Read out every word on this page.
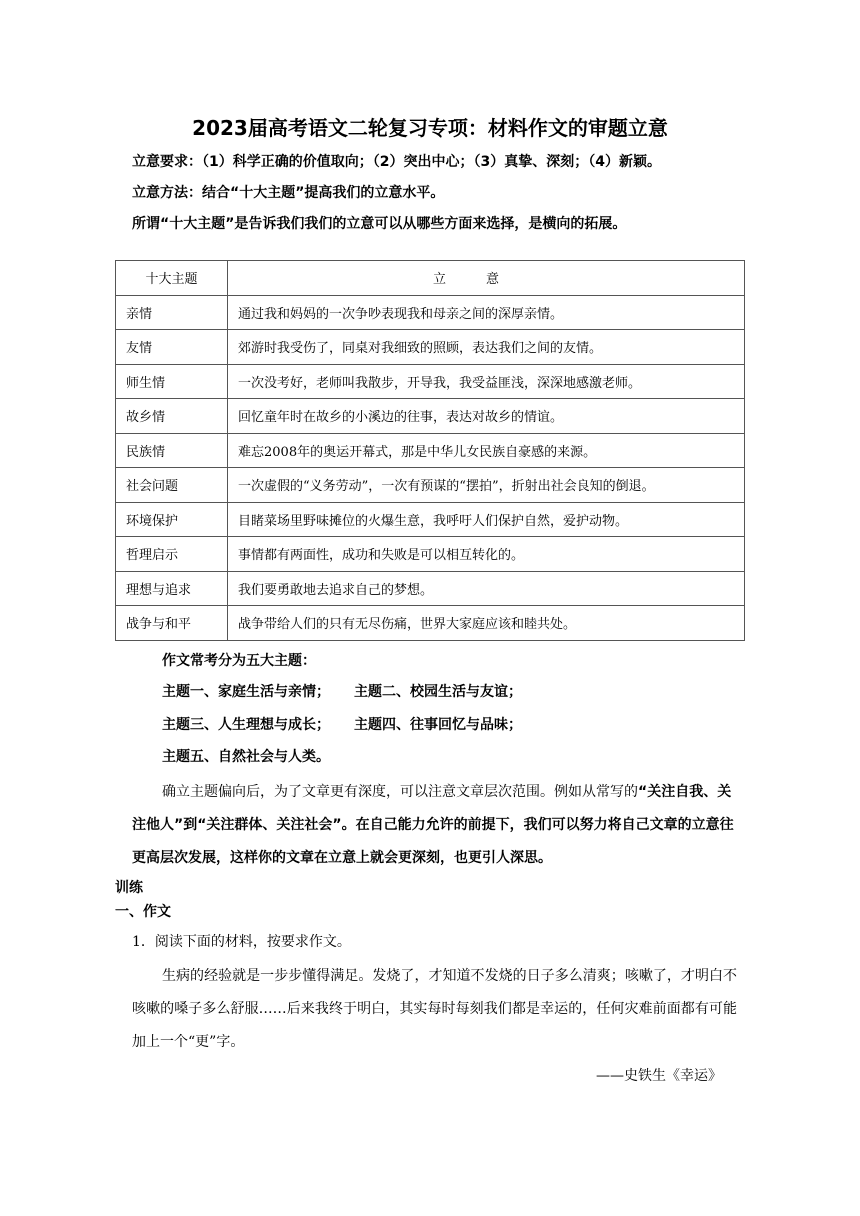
2023届高考语文二轮复习专项：材料作文的审题立意
立意要求：（1）科学正确的价值取向；（2）突出中心；（3）真挚、深刻；（4）新颖。
立意方法：结合“十大主题”提高我们的立意水平。
所谓“十大主题”是告诉我们我们的立意可以从哪些方面来选择，是横向的拓展。
十大主题	立意
亲情	通过我和妈妈的一次争吵表现我和母亲之间的深厚亲情。
友情	郊游时我受伤了，同桌对我细致的照顾，表达我们之间的友情。
师生情	一次没考好，老师叫我散步，开导我，我受益匪浅，深深地感激老师。
故乡情	回忆童年时在故乡的小溪边的往事，表达对故乡的情谊。
民族情	难忘2008年的奥运开幕式，那是中华儿女民族自豪感的来源。
社会问题	一次虚假的“义务劳动”，一次有预谋的“摆拍”，折射出社会良知的倒退。
环境保护	目睹菜场里野味摊位的火爆生意，我呼吁人们保护自然，爱护动物。
哲理启示	事情都有两面性，成功和失败是可以相互转化的。
理想与追求	我们要勇敢地去追求自己的梦想。
战争与和平	战争带给人们的只有无尽伤痛，世界大家庭应该和睦共处。
作文常考分为五大主题：
主题一、家庭生活与亲情； 主题二、校园生活与友谊；
主题三、人生理想与成长； 主题四、往事回忆与品味；
主题五、自然社会与人类。
确立主题偏向后，为了文章更有深度，可以注意文章层次范围。例如从常写的“关注自我、关注他人”到“关注群体、关注社会”。在自己能力允许的前提下，我们可以努力将自己文章的立意往更高层次发展，这样你的文章在立意上就会更深刻，也更引人深思。
训练
一、作文
1．阅读下面的材料，按要求作文。
生病的经验就是一步步懂得满足。发烧了，才知道不发烧的日子多么清爽；咳嗽了，才明白不咳嗽的嗓子多么舒服……后来我终于明白，其实每时每刻我们都是幸运的，任何灾难前面都有可能加上一个“更”字。
——史铁生《幸运》
